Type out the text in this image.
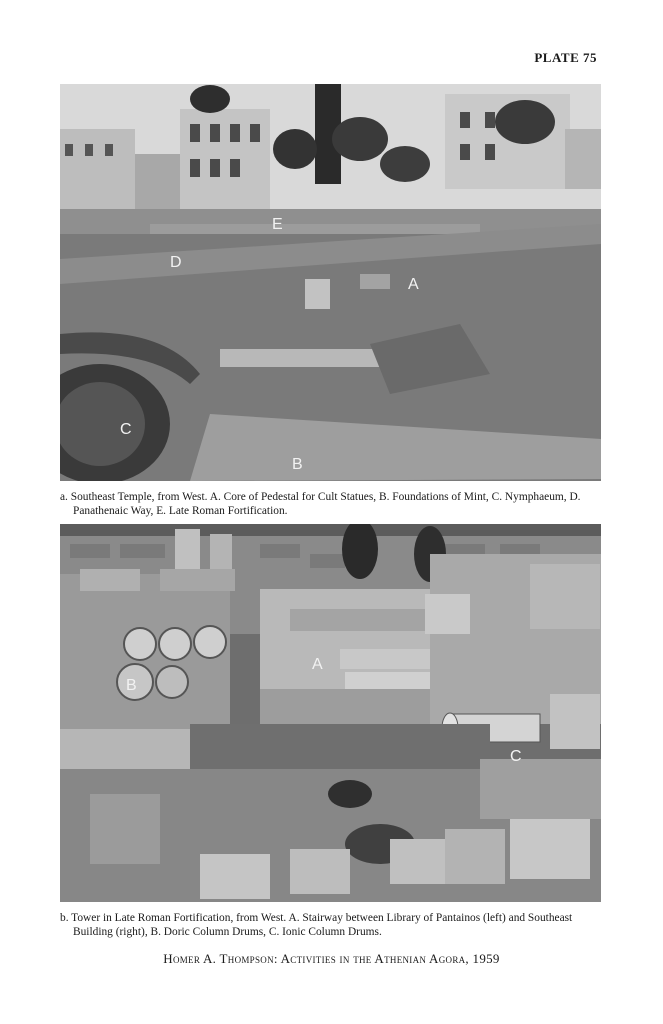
PLATE 75
A
B
C
D
E
a. Southeast Temple, from West. A. Core of Pedestal for Cult Statues, B. Foundations of Mint, C. Nymphaeum, D. Panathenaic Way, E. Late Roman Fortification.
A
B
C
b. Tower in Late Roman Fortification, from West. A. Stairway between Library of Pantainos (left) and Southeast Building (right), B. Doric Column Drums, C. Ionic Column Drums.
Homer A. Thompson: Activities in the Athenian Agora, 1959
